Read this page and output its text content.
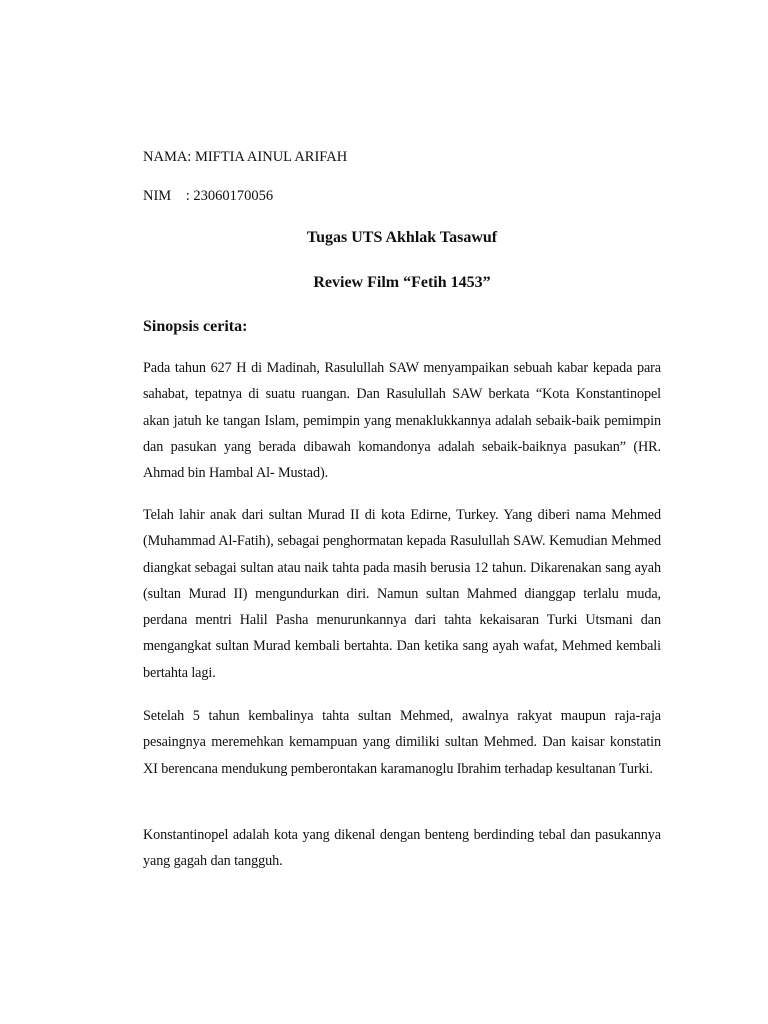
NAMA: MIFTIA AINUL ARIFAH

NIM    : 23060170056

Tugas UTS Akhlak Tasawuf
Review Film “Fetih 1453”
Sinopsis cerita:

Pada tahun 627 H di Madinah, Rasulullah SAW menyampaikan sebuah kabar kepada para sahabat, tepatnya di suatu ruangan. Dan Rasulullah SAW berkata “Kota Konstantinopel akan jatuh ke tangan Islam, pemimpin yang menaklukkannya adalah sebaik-baik pemimpin dan pasukan yang berada dibawah komandonya adalah sebaik-baiknya pasukan” (HR. Ahmad bin Hambal Al- Mustad).

Telah lahir anak dari sultan Murad II di kota Edirne, Turkey. Yang diberi nama Mehmed (Muhammad Al-Fatih), sebagai penghormatan kepada Rasulullah SAW. Kemudian Mehmed diangkat sebagai sultan atau naik tahta pada masih berusia 12 tahun. Dikarenakan sang ayah (sultan Murad II) mengundurkan diri. Namun sultan Mahmed dianggap terlalu muda, perdana mentri Halil Pasha menurunkannya dari tahta kekaisaran Turki Utsmani dan mengangkat sultan Murad kembali bertahta. Dan ketika sang ayah wafat, Mehmed kembali bertahta lagi.

Setelah 5 tahun kembalinya tahta sultan Mehmed, awalnya rakyat maupun raja-raja pesaingnya meremehkan kemampuan yang dimiliki sultan Mehmed. Dan kaisar konstatin XI berencana mendukung pemberontakan karamanoglu Ibrahim terhadap kesultanan Turki.

Konstantinopel adalah kota yang dikenal dengan benteng berdinding tebal dan pasukannya yang gagah dan tangguh.
